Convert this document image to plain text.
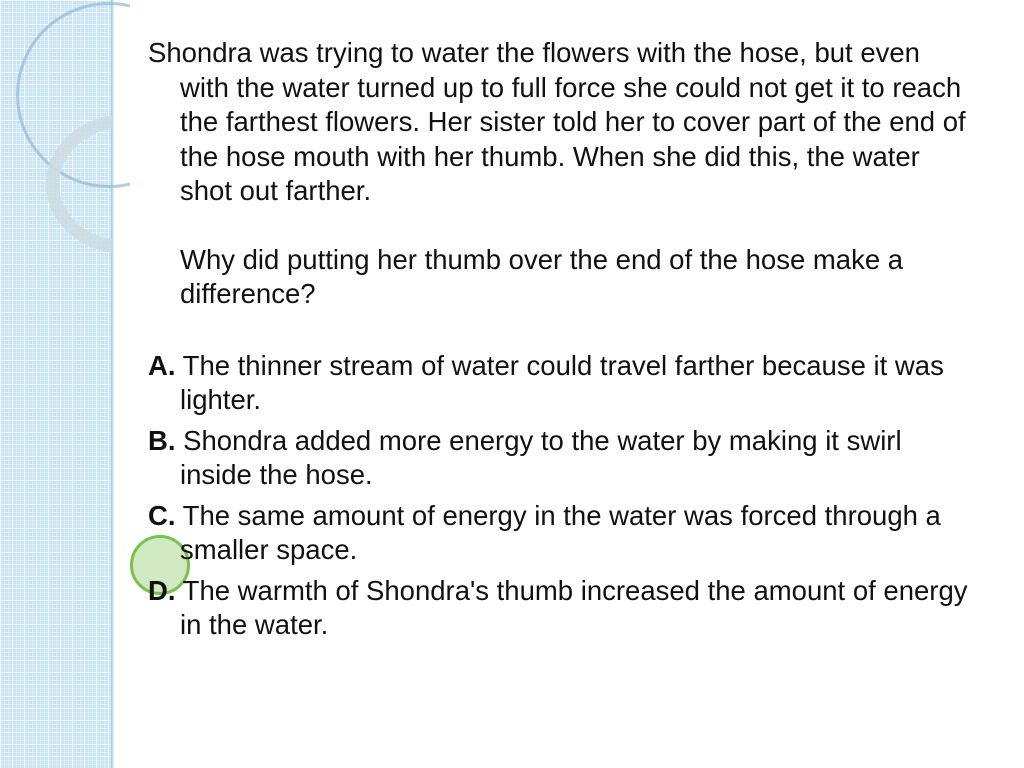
Shondra was trying to water the flowers with the hose, but even with the water turned up to full force she could not get it to reach the farthest flowers. Her sister told her to cover part of the end of the hose mouth with her thumb. When she did this, the water shot out farther.

Why did putting her thumb over the end of the hose make a difference?

A. The thinner stream of water could travel farther because it was lighter.

B. Shondra added more energy to the water by making it swirl inside the hose.

C. The same amount of energy in the water was forced through a smaller space.

D. The warmth of Shondra's thumb increased the amount of energy in the water.
